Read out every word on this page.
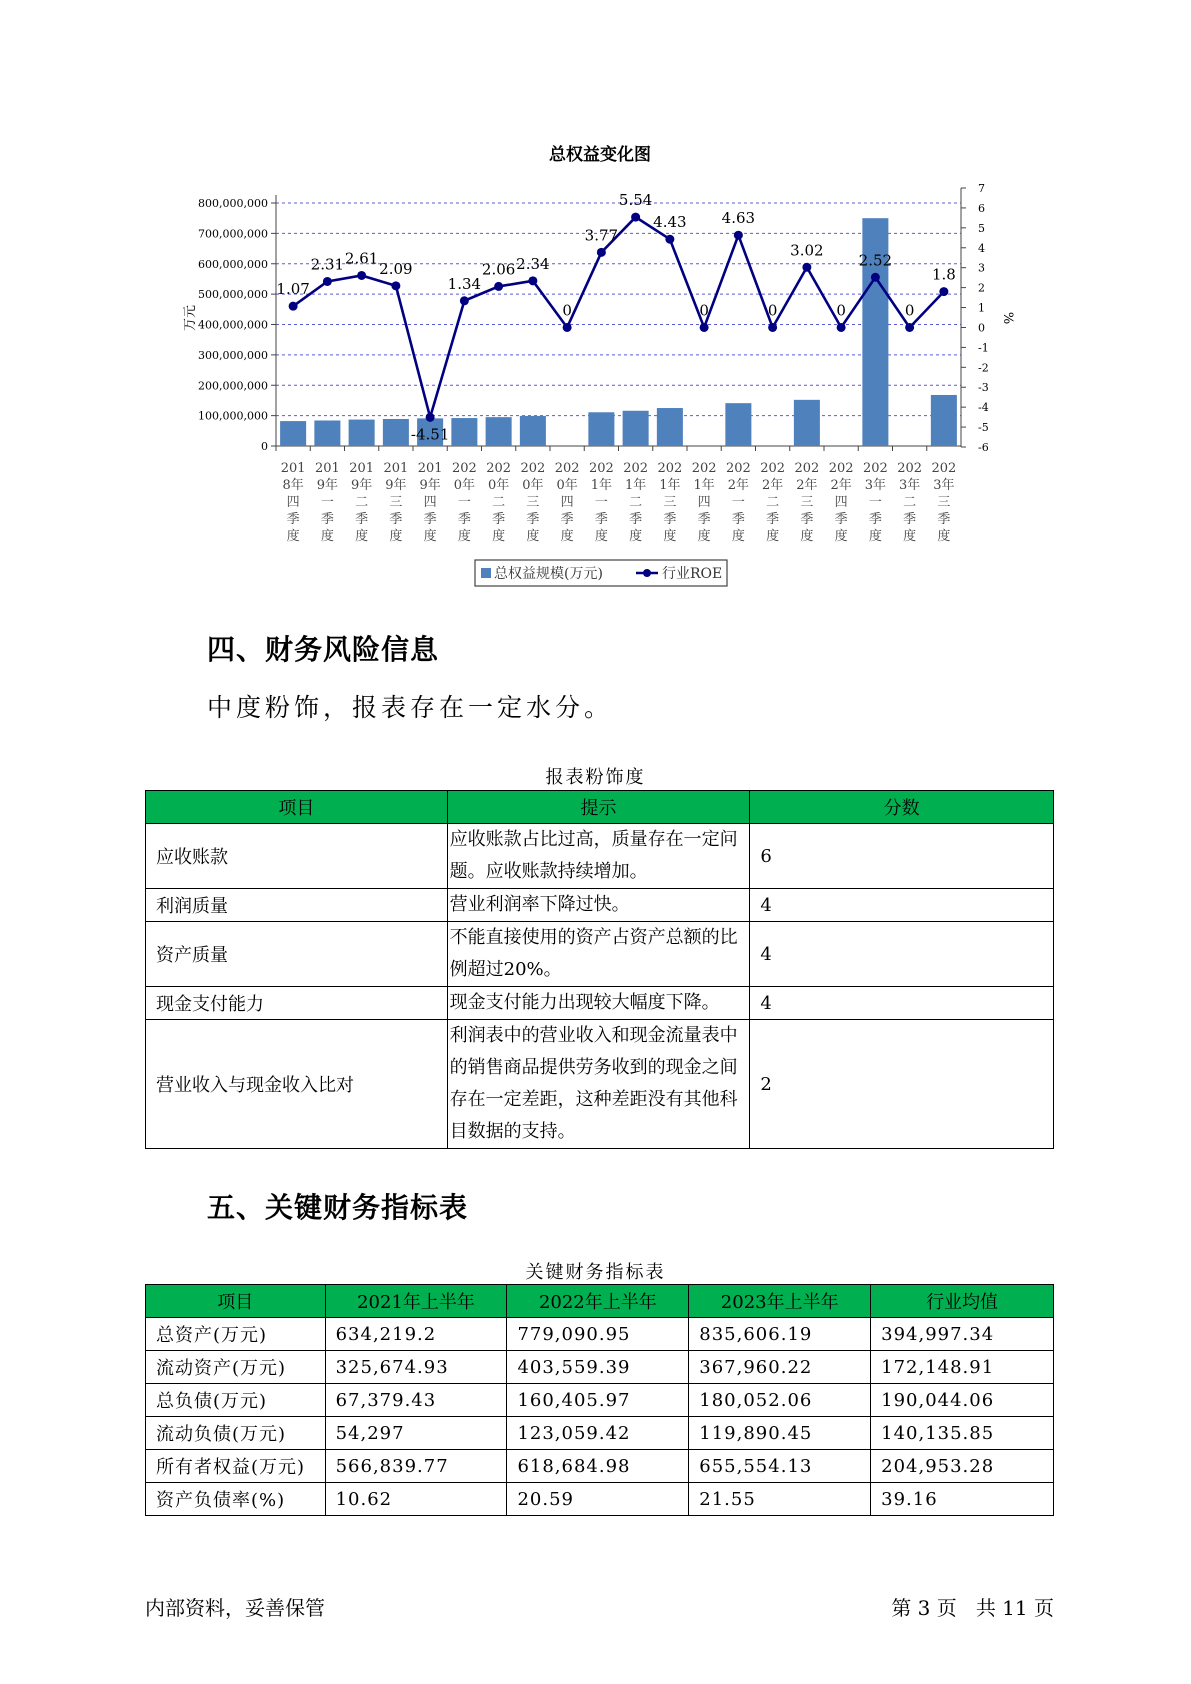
总权益变化图
0
100,000,000
200,000,000
300,000,000
400,000,000
500,000,000
600,000,000
700,000,000
800,000,000
7
6
5
4
3
2
1
0
-1
-2
-3
-4
-5
-6
万元	%
1.07
2.31 2.61
2.09
-4.51
1.34
2.06 2.34
0
3.77
5.54
4.43
0
4.63
0
3.02
0
2.52
0
1.8
201 8年四季度
201 9年一季度
201 9年二季度
201 9年三季度
201 9年四季度
202 0年一季度
202 0年二季度
202 0年三季度
202 0年四季度
202 1年一季度
202 1年二季度
202 1年三季度
202 1年四季度
202 2年一季度
202 2年二季度
202 2年三季度
202 2年四季度
202 3年一季度
202 3年二季度
202 3年三季度
总权益规模(万元)	行业ROE
四、财务风险信息

中度粉饰，报表存在一定水分。

报表粉饰度
项目	提示	分数
应收账款	应收账款占比过高，质量存在一定问题。应收账款持续增加。	6
利润质量	营业利润率下降过快。	4
资产质量	不能直接使用的资产占资产总额的比例超过20%。	4
现金支付能力	现金支付能力出现较大幅度下降。	4
营业收入与现金收入比对	利润表中的营业收入和现金流量表中的销售商品提供劳务收到的现金之间存在一定差距，这种差距没有其他科目数据的支持。	2
五、关键财务指标表
关键财务指标表
项目	2021年上半年	2022年上半年	2023年上半年	行业均值
总资产(万元)	634,219.2	779,090.95	835,606.19	394,997.34
流动资产(万元)	325,674.93	403,559.39	367,960.22	172,148.91
总负债(万元)	67,379.43	160,405.97	180,052.06	190,044.06
流动负债(万元)	54,297	123,059.42	119,890.45	140,135.85
所有者权益(万元)	566,839.77	618,684.98	655,554.13	204,953.28
资产负债率(%)	10.62	20.59	21.55	39.16
内部资料，妥善保管	第 3 页   共 11 页
